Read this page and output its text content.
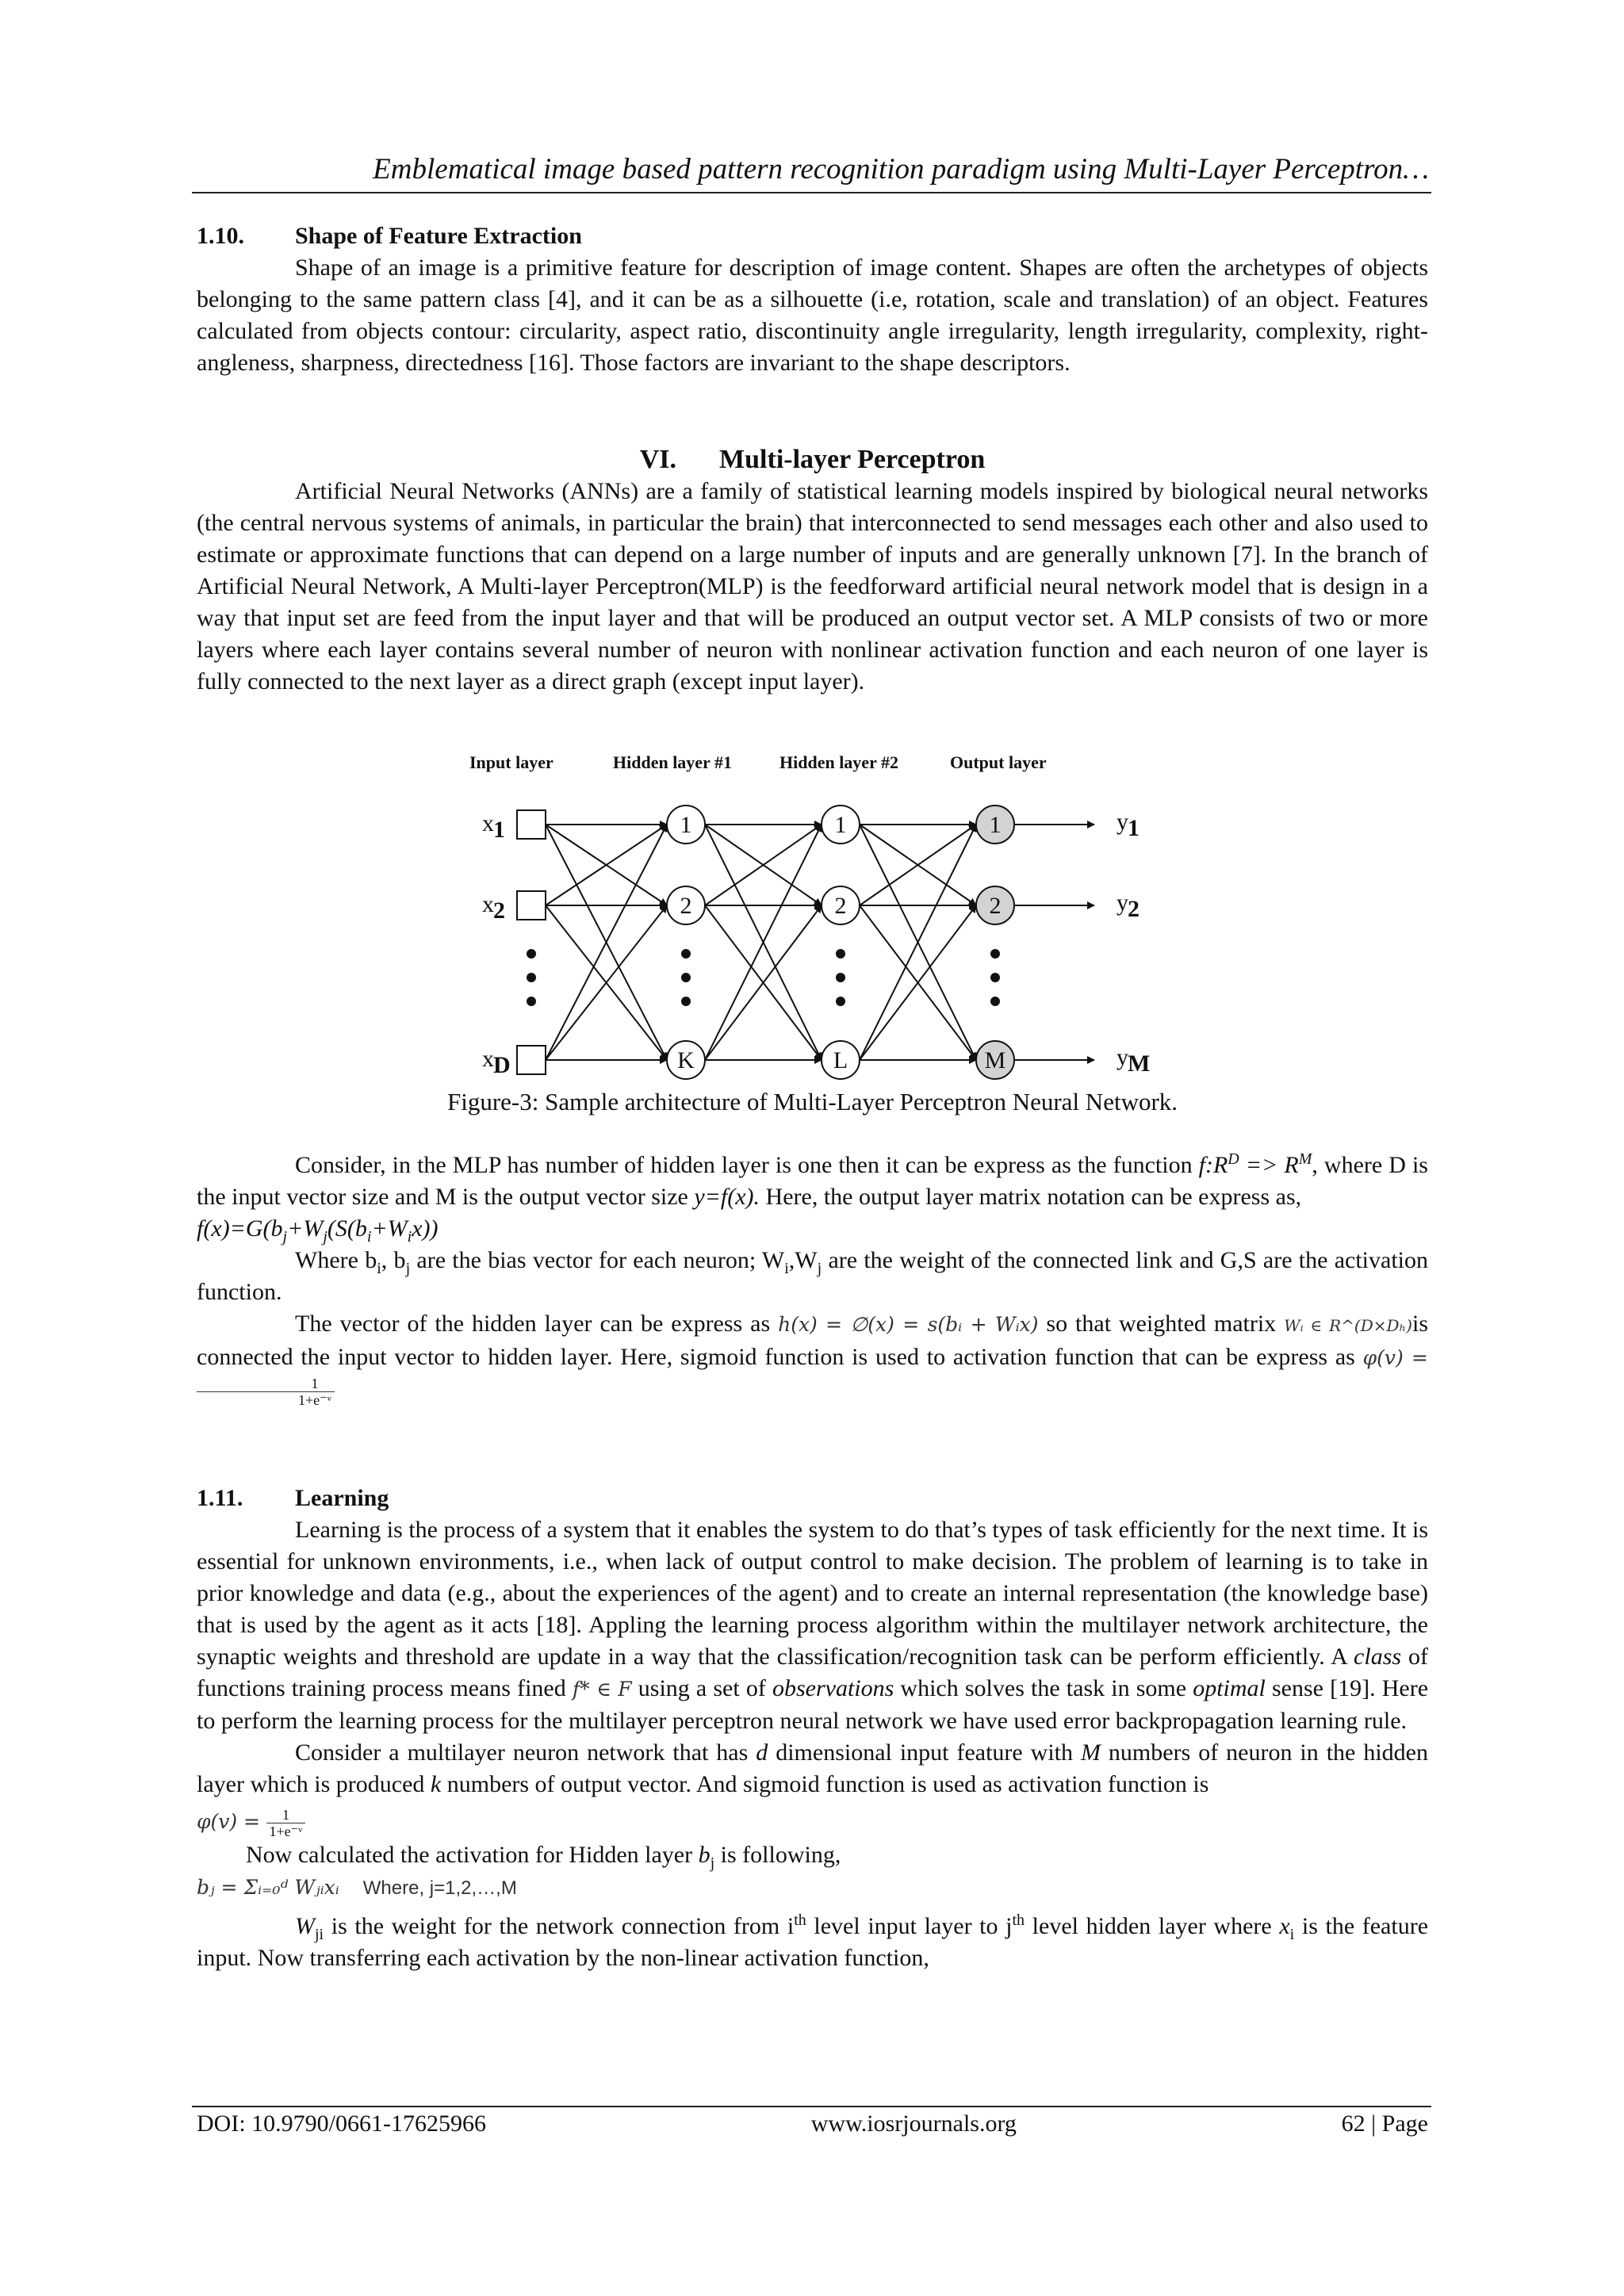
Emblematical image based pattern recognition paradigm using Multi-Layer Perceptron…
1.10.	Shape of Feature Extraction

Shape of an image is a primitive feature for description of image content. Shapes are often the archetypes of objects belonging to the same pattern class [4], and it can be as a silhouette (i.e, rotation, scale and translation) of an object. Features calculated from objects contour: circularity, aspect ratio, discontinuity angle irregularity, length irregularity, complexity, right-angleness, sharpness, directedness [16]. Those factors are invariant to the shape descriptors.

VI. Multi-layer Perceptron

Artificial Neural Networks (ANNs) are a family of statistical learning models inspired by biological neural networks (the central nervous systems of animals, in particular the brain) that interconnected to send messages each other and also used to estimate or approximate functions that can depend on a large number of inputs and are generally unknown [7]. In the branch of Artificial Neural Network, A Multi-layer Perceptron(MLP) is the feedforward artificial neural network model that is design in a way that input set are feed from the input layer and that will be produced an output vector set. A MLP consists of two or more layers where each layer contains several number of neuron with nonlinear activation function and each neuron of one layer is fully connected to the next layer as a direct graph (except input layer).

Input layer	Hidden layer #1	Hidden layer #2	Output layer
x 1
x 2
x D
1
2
K
1
2
L
1
2
M
y 1
y 2
y M
Figure-3: Sample architecture of Multi-Layer Perceptron Neural Network.

Consider, in the MLP has number of hidden layer is one then it can be express as the function $f:R^D => R^M$, where D is the input vector size and M is the output vector size y=f(x). Here, the output layer matrix notation can be express as,

$f(x)=G(b_j+W_j(S(b_i+W_ix))$

Where $b_i$, $b_j$ are the bias vector for each neuron; $W_i,W_j$ are the weight of the connected link and G,S are the activation function.

The vector of the hidden layer can be express as h(x) = ∅(x) = s(bᵢ + Wᵢx) so that weighted matrix Wᵢ ∈ R^(D×Dₕ)is connected the input vector to hidden layer. Here, sigmoid function is used to activation function that can be express as φ(v) =
$\frac{1}{\text{1+e⁻ᵛ}}$

1.11.	Learning

Learning is the process of a system that it enables the system to do that’s types of task efficiently for the next time. It is essential for unknown environments, i.e., when lack of output control to make decision. The problem of learning is to take in prior knowledge and data (e.g., about the experiences of the agent) and to create an internal representation (the knowledge base) that is used by the agent as it acts [18]. Appling the learning process algorithm within the multilayer network architecture, the synaptic weights and threshold are update in a way that the classification/recognition task can be perform efficiently. A class of functions training process means fined f* ∈ F using a set of observations which solves the task in some optimal sense [19]. Here to perform the learning process for the multilayer perceptron neural network we have used error backpropagation learning rule.

Consider a multilayer neuron network that has d dimensional input feature with M numbers of neuron in the hidden layer which is produced k numbers of output vector. And sigmoid function is used as activation function is

$\varphi(v) = \frac{1}{\text{1+e⁻ᵛ}}$

Now calculated the activation for Hidden layer $b_j$ is following,

bⱼ = Σᵢ₌₀ᵈ Wⱼᵢxᵢ Where, j=1,2,…,M

$W_{ji}$ is the weight for the network connection from $i^{th}$ level input layer to $j^{th}$ level hidden layer where $x_i$ is the feature input. Now transferring each activation by the non-linear activation function,

DOI: 10.9790/0661-17625966	www.iosrjournals.org	62 | Page
